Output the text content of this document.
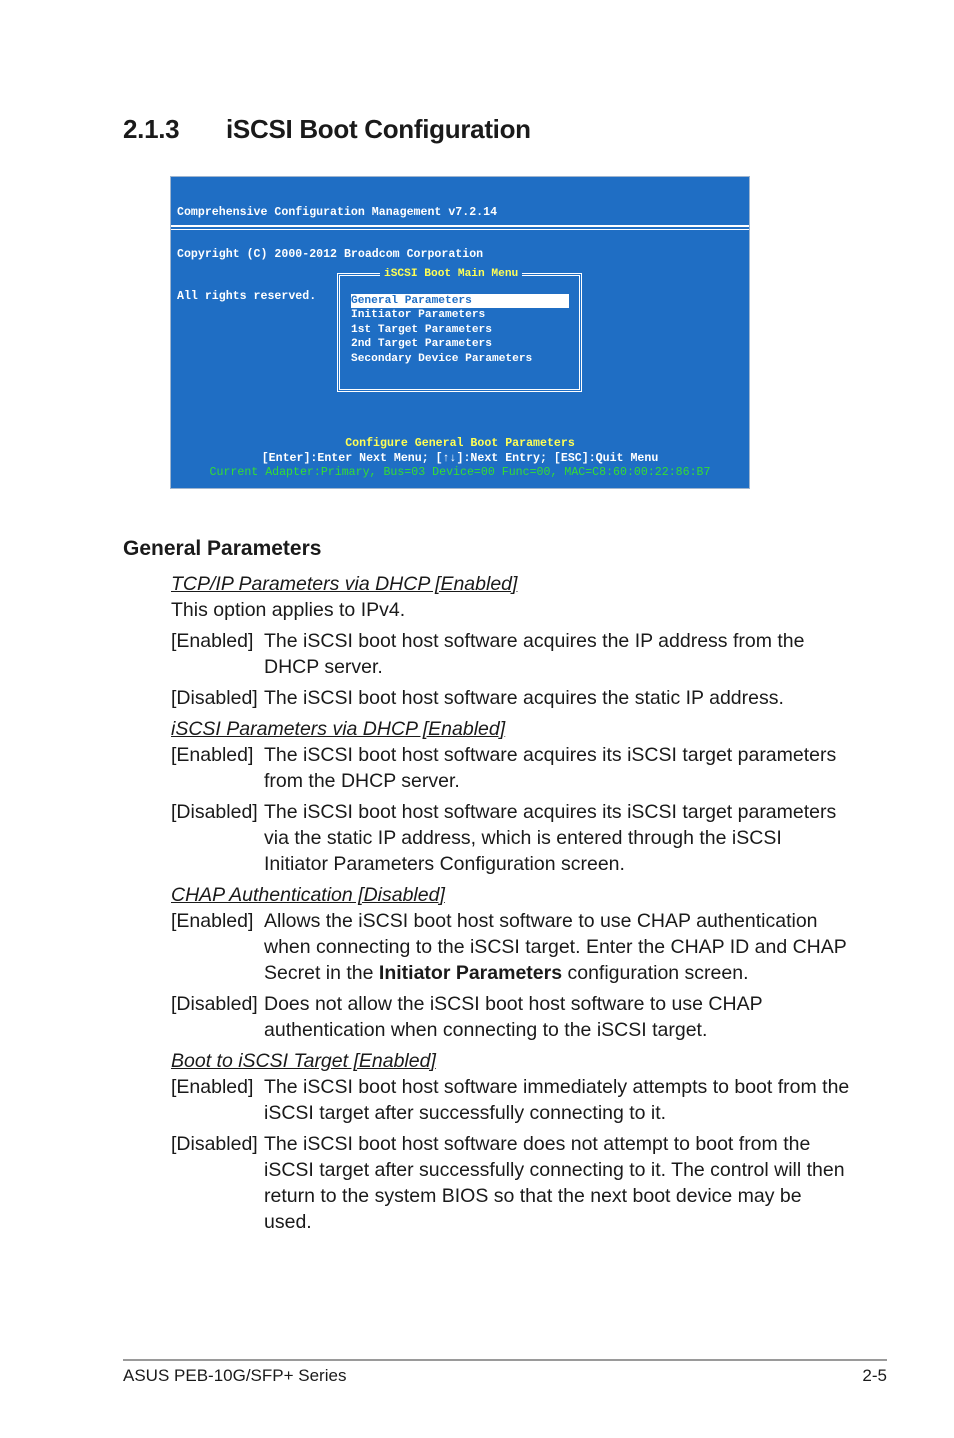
2.1.3	iSCSI Boot Configuration

Comprehensive Configuration Management v7.2.14

Copyright (C) 2000-2012 Broadcom Corporation

All rights reserved.

iSCSI Boot Main Menu
General Parameters
Initiator Parameters
1st Target Parameters
2nd Target Parameters
Secondary Device Parameters
Configure General Boot Parameters
[Enter]:Enter Next Menu; [↑↓]:Next Entry; [ESC]:Quit Menu
Current Adapter:Primary, Bus=03 Device=00 Func=00, MAC=C8:60:00:22:86:B7
General Parameters
TCP/IP Parameters via DHCP [Enabled]
This option applies to IPv4.
[Enabled] The iSCSI boot host software acquires the IP address from the DHCP server.
[Disabled] The iSCSI boot host software acquires the static IP address.
iSCSI Parameters via DHCP [Enabled]
[Enabled] The iSCSI boot host software acquires its iSCSI target parameters from the DHCP server.
[Disabled] The iSCSI boot host software acquires its iSCSI target parameters via the static IP address, which is entered through the iSCSI Initiator Parameters Configuration screen.
CHAP Authentication [Disabled]
[Enabled] Allows the iSCSI boot host software to use CHAP authentication when connecting to the iSCSI target. Enter the CHAP ID and CHAP Secret in the Initiator Parameters configuration screen.
[Disabled] Does not allow the iSCSI boot host software to use CHAP authentication when connecting to the iSCSI target.
Boot to iSCSI Target [Enabled]
[Enabled] The iSCSI boot host software immediately attempts to boot from the iSCSI target after successfully connecting to it.
[Disabled] The iSCSI boot host software does not attempt to boot from the iSCSI target after successfully connecting to it. The control will then return to the system BIOS so that the next boot device may be used.
ASUS PEB-10G/SFP+ Series	2-5
